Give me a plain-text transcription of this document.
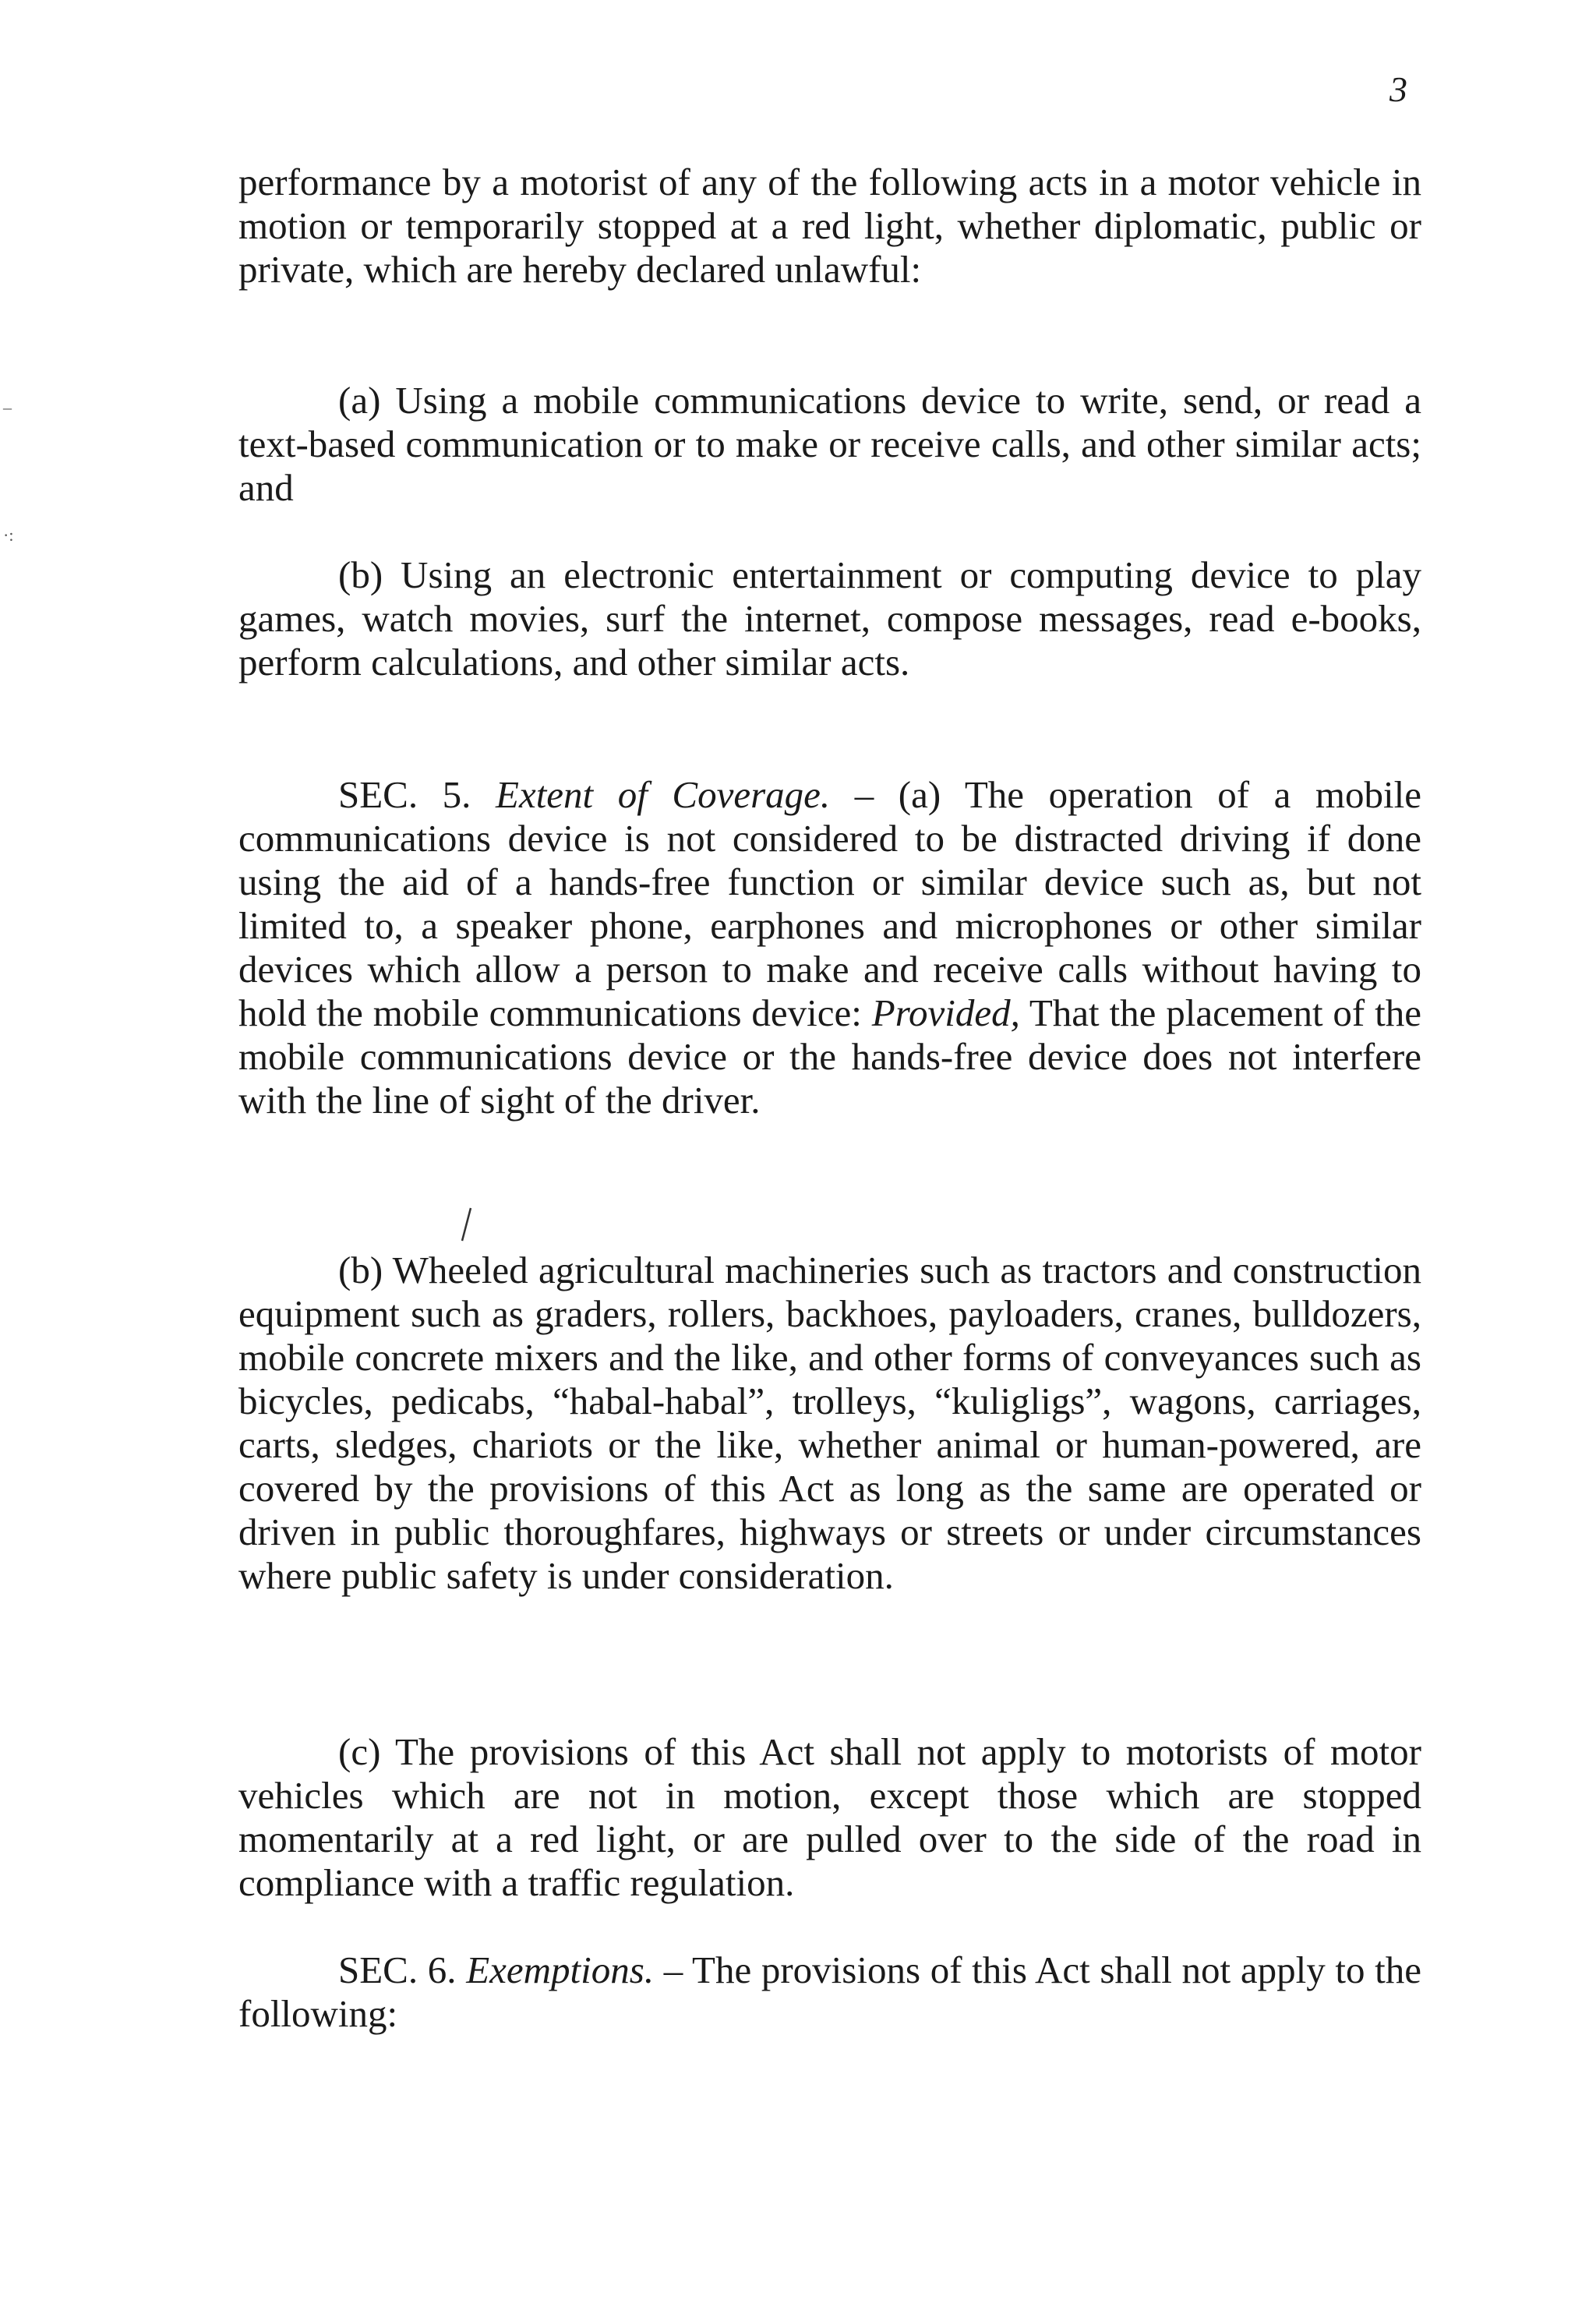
3
–
·:

performance by a motorist of any of the following acts in a motor vehicle in motion or temporarily stopped at a red light, whether diplomatic, public or private, which are hereby declared unlawful:

(a) Using a mobile communications device to write, send, or read a text-based communication or to make or receive calls, and other similar acts; and

(b) Using an electronic entertainment or computing device to play games, watch movies, surf the internet, compose messages, read e-books, perform calculations, and other similar acts.

SEC. 5. Extent of Coverage. – (a) The operation of a mobile communications device is not considered to be distracted driving if done using the aid of a hands-free function or similar device such as, but not limited to, a speaker phone, earphones and microphones or other similar devices which allow a person to make and receive calls without having to hold the mobile communications device: Provided, That the placement of the mobile communications device or the hands-free device does not interfere with the line of sight of the driver.

(b) Wheeled agricultural machineries such as tractors and construction equipment such as graders, rollers, backhoes, payloaders, cranes, bulldozers, mobile concrete mixers and the like, and other forms of conveyances such as bicycles, pedicabs, “habal-habal”, trolleys, “kuligligs”, wagons, carriages, carts, sledges, chariots or the like, whether animal or human-powered, are covered by the provisions of this Act as long as the same are operated or driven in public thoroughfares, highways or streets or under circumstances where public safety is under consideration.

(c) The provisions of this Act shall not apply to motorists of motor vehicles which are not in motion, except those which are stopped momentarily at a red light, or are pulled over to the side of the road in compliance with a traffic regulation.

SEC. 6. Exemptions. – The provisions of this Act shall not apply to the following:
